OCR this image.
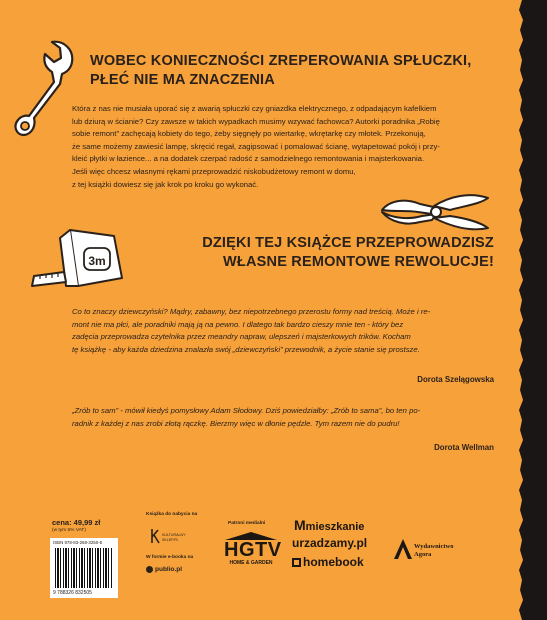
WOBEC KONIECZNOŚCI ZREPEROWANIA SPŁUCZKI,
PŁEĆ NIE MA ZNACZENIA
Która z nas nie musiała uporać się z awarią spłuczki czy gniazdka elektrycznego, z odpadającym kafelkiem
lub dziurą w ścianie? Czy zawsze w takich wypadkach musimy wzywać fachowca? Autorki poradnika „Robię
sobie remont” zachęcają kobiety do tego, żeby sięgnęły po wiertarkę, wkrętarkę czy młotek. Przekonują,
że same możemy zawiesić lampę, skręcić regał, zagipsować i pomalować ścianę, wytapetować pokój i przy-
kleić płytki w łazience... a na dodatek czerpać radość z samodzielnego remontowania i majsterkowania.
Jeśli więc chcesz własnymi rękami przeprowadzić niskobudżetowy remont w domu,
z tej książki dowiesz się jak krok po kroku go wykonać.
3m
DZIĘKI TEJ KSIĄŻCE PRZEPROWADZISZ
WŁASNE REMONTOWE REWOLUCJE!
Co to znaczy dziewczyński? Mądry, zabawny, bez niepotrzebnego przerostu formy nad treścią. Może i re-
mont nie ma płci, ale poradniki mają ją na pewno. I dlatego tak bardzo cieszy mnie ten - który bez
zadęcia przeprowadza czytelnika przez meandry napraw, ulepszeń i majsterkowych trików. Kocham
tę książkę - aby każda dziedzina znalazła swój „dziewczyński” przewodnik, a życie stanie się prostsze.
Dorota Szelągowska
„Zrób to sam” - mówił kiedyś pomysłowy Adam Słodowy. Dziś powiedziałby: „Zrób to sama”, bo ten po-
radnik z każdej z nas zrobi złotą rączkę. Bierzmy więc w dłonie pędzle. Tym razem nie do pudru!
Dorota Wellman
cena: 49,99 zł
(w tym 5% VAT)
ISBN 978-83-268-3250-5
9 788326 832505
Książka do nabycia na
KULTURALNY
SKLEP.PL
W formie e-booka na
publio.pl
Patroni medialni
HGTV
HOME & GARDEN
Mmieszkanie
urzadzamy.pl
homebook
Wydawnictwo
Agora
